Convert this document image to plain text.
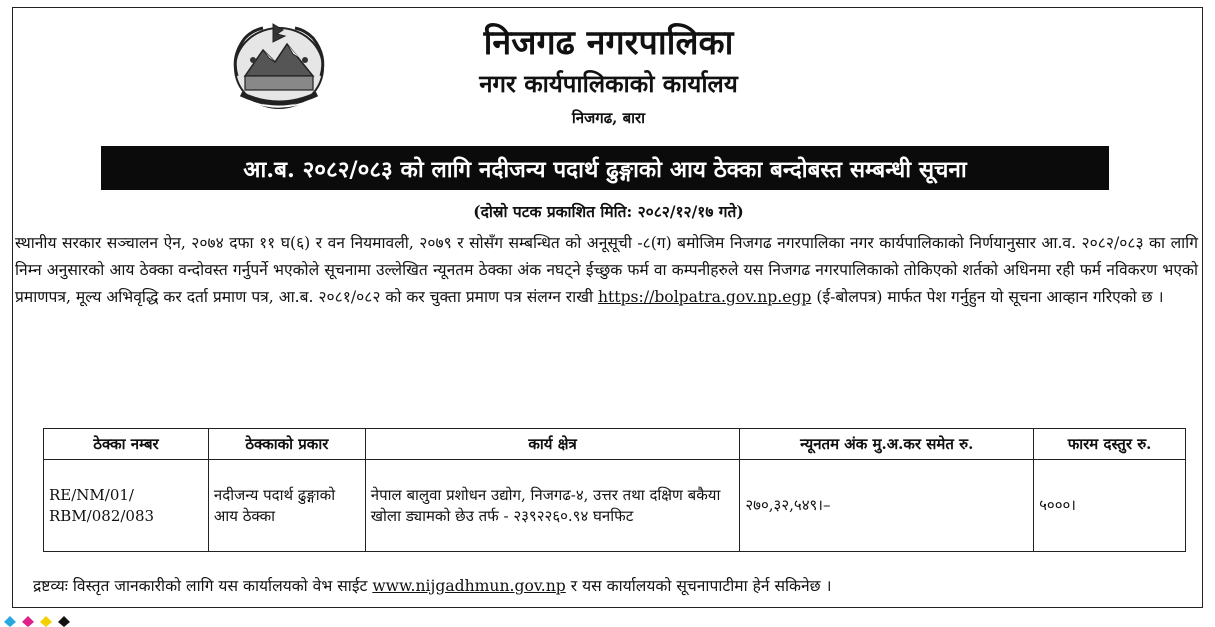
निजगढ नगरपालिका
नगर कार्यपालिकाको कार्यालय
निजगढ, बारा
आ.ब. २०८२/०८३ को लागि नदीजन्य पदार्थ ढुङ्गाको आय ठेक्का बन्दोबस्त सम्बन्धी सूचना
(दोस्रो पटक प्रकाशित मिति: २०८२/१२/१७ गते)
स्थानीय सरकार सञ्चालन ऐन, २०७४ दफा ११ घ(६) र वन नियमावली, २०७९ र सोसँग सम्बन्धित को अनूसूची -८(ग) बमोजिम निजगढ नगरपालिका नगर कार्यपालिकाको निर्णयानुसार आ.व. २०८२/०८३ का लागि निम्न अनुसारको आय ठेक्का वन्दोवस्त गर्नुपर्ने भएकोले सूचनामा उल्लेखित न्यूनतम ठेक्का अंक नघट्ने ईच्छुक फर्म वा कम्पनीहरुले यस निजगढ नगरपालिकाको तोकिएको शर्तको अधिनमा रही फर्म नविकरण भएको प्रमाणपत्र, मूल्य अभिवृद्धि कर दर्ता प्रमाण पत्र, आ.ब. २०८१/०८२ को कर चुक्ता प्रमाण पत्र संलग्न राखी https://bolpatra.gov.np.egp (ई-बोलपत्र) मार्फत पेश गर्नुहुन यो सूचना आव्हान गरिएको छ ।
ठेक्का नम्बर	ठेक्काको प्रकार	कार्य क्षेत्र	न्यूनतम अंक मु.अ.कर समेत रु.	फारम दस्तुर रु.
RE/NM/01/ RBM/082/083	नदीजन्य पदार्थ ढुङ्गाको आय ठेक्का	नेपाल बालुवा प्रशोधन उद्योग, निजगढ-४, उत्तर तथा दक्षिण बकैया खोला ड्यामको छेउ तर्फ - २३९२२६०.९४ घनफिट	२७०,३२,५४९।–	५०००।
द्रष्टव्यः विस्तृत जानकारीको लागि यस कार्यालयको वेभ साईट www.nijgadhmun.gov.np र यस कार्यालयको सूचनापाटीमा हेर्न सकिनेछ ।
